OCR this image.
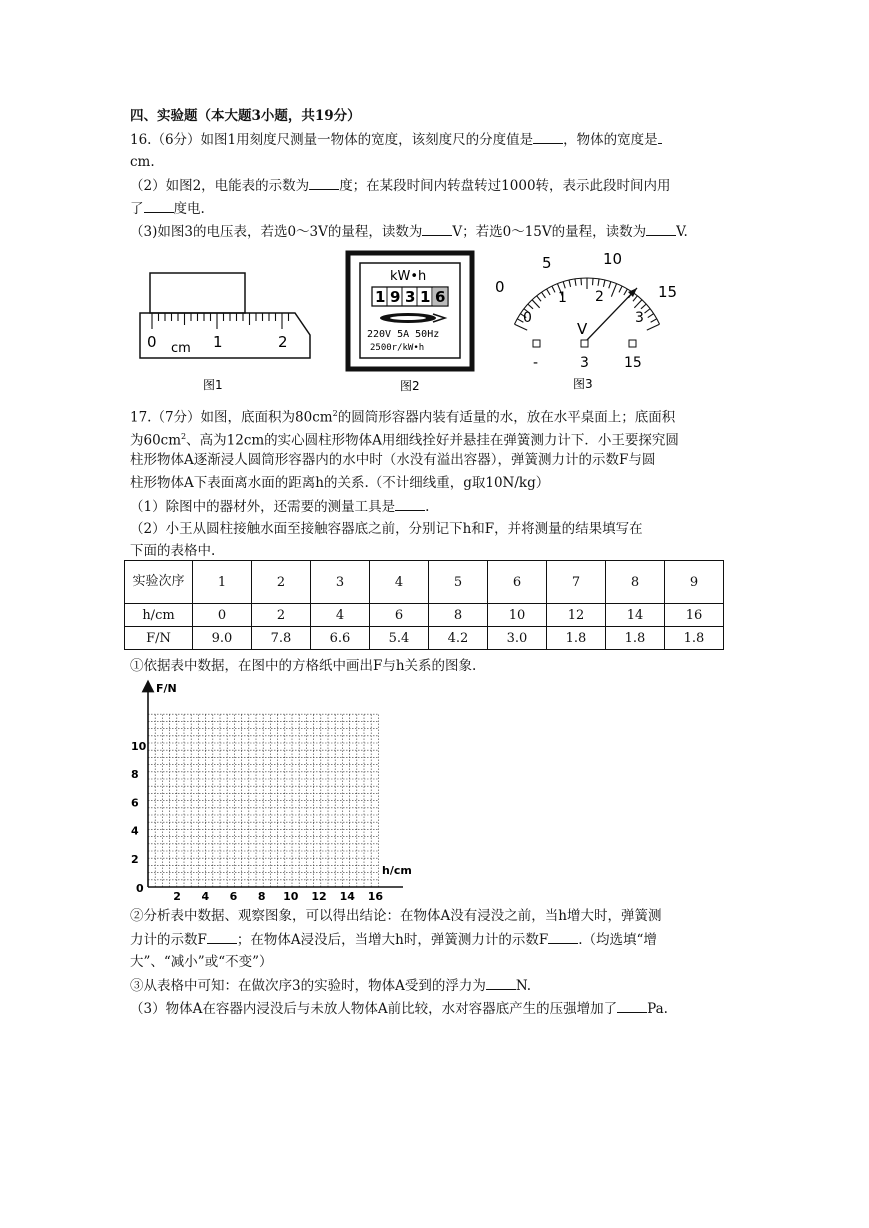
四、实验题（本大题3小题，共19分）
16.（6分）如图1用刻度尺测量一物体的宽度，该刻度尺的分度值是 ，物体的宽度是
cm.
（2）如图2，电能表的示数为 度；在某段时间内转盘转过1000转，表示此段时间内用
了 度电.
（3)如图3的电压表，若选0～3V的量程，读数为 V；若选0～15V的量程，读数为 V.
0 cm 1	2
图1
kW•h
1 9 3 1 6
220V 5A 50Hz
2500r/kW•h
图2
0
5	10
15
0
1 2
3
V
-	3	15
图3
17.（7分）如图，底面积为$80cm^2$的圆筒形容器内装有适量的水，放在水平桌面上；底面积
为$60cm^2$、高为12cm的实心圆柱形物体A用细线拴好并悬挂在弹簧测力计下．小王要探究圆
柱形物体A逐渐浸人圆筒形容器内的水中时（水没有溢出容器），弹簧测力计的示数F与圆
柱形物体A下表面离水面的距离h的关系.（不计细线重，g取10N/kg）
（1）除图中的器材外，还需要的测量工具是 .
（2）小王从圆柱接触水面至接触容器底之前，分别记下h和F，并将测量的结果填写在
下面的表格中.
实验次序	1	2	3	4	5	6	7	8	9
h/cm	0	2	4	6	8	10	12	14	16
F/N	9.0	7.8	6.6	5.4	4.2	3.0	1.8	1.8	1.8
①依据表中数据，在图中的方格纸中画出F与h关系的图象.
F/N
h/cm
0
2
4
6
8
10
2 4 6 8 10 12 14 16
②分析表中数据、观察图象，可以得出结论：在物体A没有浸没之前，当h增大时，弹簧测
力计的示数F ；在物体A浸没后，当增大h时，弹簧测力计的示数F .（均选填“增
大”、“减小”或“不变”）
③从表格中可知：在做次序3的实验时，物体A受到的浮力为 N.
（3）物体A在容器内浸没后与未放人物体A前比较，水对容器底产生的压强增加了 Pa.
